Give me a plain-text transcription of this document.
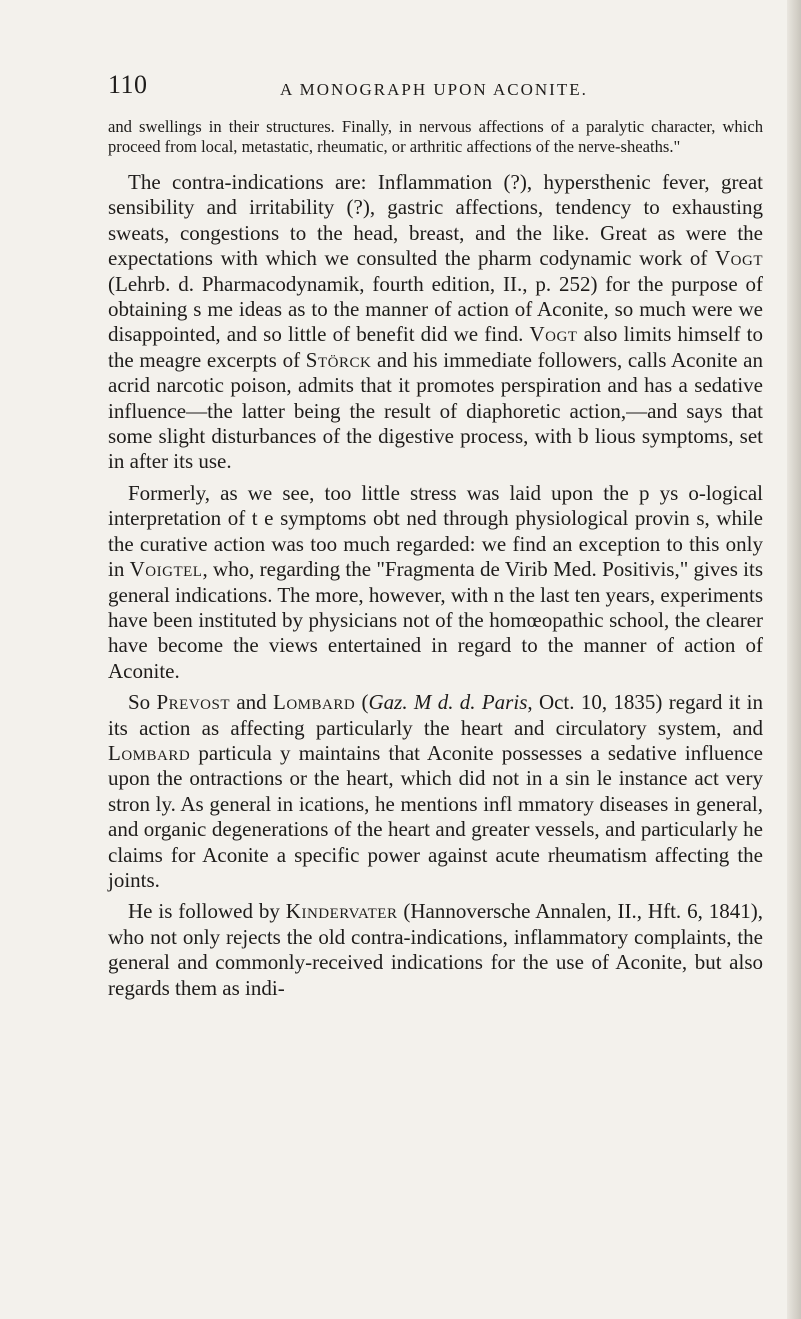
110	A MONOGRAPH UPON ACONITE.
and swellings in their structures. Finally, in nervous affections of a paralytic character, which proceed from local, metastatic, rheumatic, or arthritic affections of the nerve-sheaths."

The contra-indications are: Inflammation (?), hypersthenic fever, great sensibility and irritability (?), gastric affections, tendency to exhausting sweats, congestions to the head, breast, and the like. Great as were the expectations with which we consulted the pharm codynamic work of Vogt (Lehrb. d. Pharmacodynamik, fourth edition, II., p. 252) for the purpose of obtaining s me ideas as to the manner of action of Aconite, so much were we disappointed, and so little of benefit did we find. Vogt also limits himself to the meagre excerpts of Störck and his immediate followers, calls Aconite an acrid narcotic poison, admits that it promotes perspiration and has a sedative influence—the latter being the result of diaphoretic action,—and says that some slight disturbances of the digestive process, with b lious symptoms, set in after its use.

Formerly, as we see, too little stress was laid upon the p ys o-logical interpretation of t e symptoms obt ned through physiological provin s, while the curative action was too much regarded: we find an exception to this only in Voigtel, who, regarding the "Fragmenta de Virib Med. Positivis," gives its general indications. The more, however, with n the last ten years, experiments have been instituted by physicians not of the homœopathic school, the clearer have become the views entertained in regard to the manner of action of Aconite.

So Prevost and Lombard (Gaz. M d. d. Paris, Oct. 10, 1835) regard it in its action as affecting particularly the heart and circulatory system, and Lombard particula y maintains that Aconite possesses a sedative influence upon the ontractions or the heart, which did not in a sin le instance act very stron ly. As general in ications, he mentions infl mmatory diseases in general, and organic degenerations of the heart and greater vessels, and particularly he claims for Aconite a specific power against acute rheumatism affecting the joints.

He is followed by Kindervater (Hannoversche Annalen, II., Hft. 6, 1841), who not only rejects the old contra-indications, inflammatory complaints, the general and commonly-received indications for the use of Aconite, but also regards them as indi-
